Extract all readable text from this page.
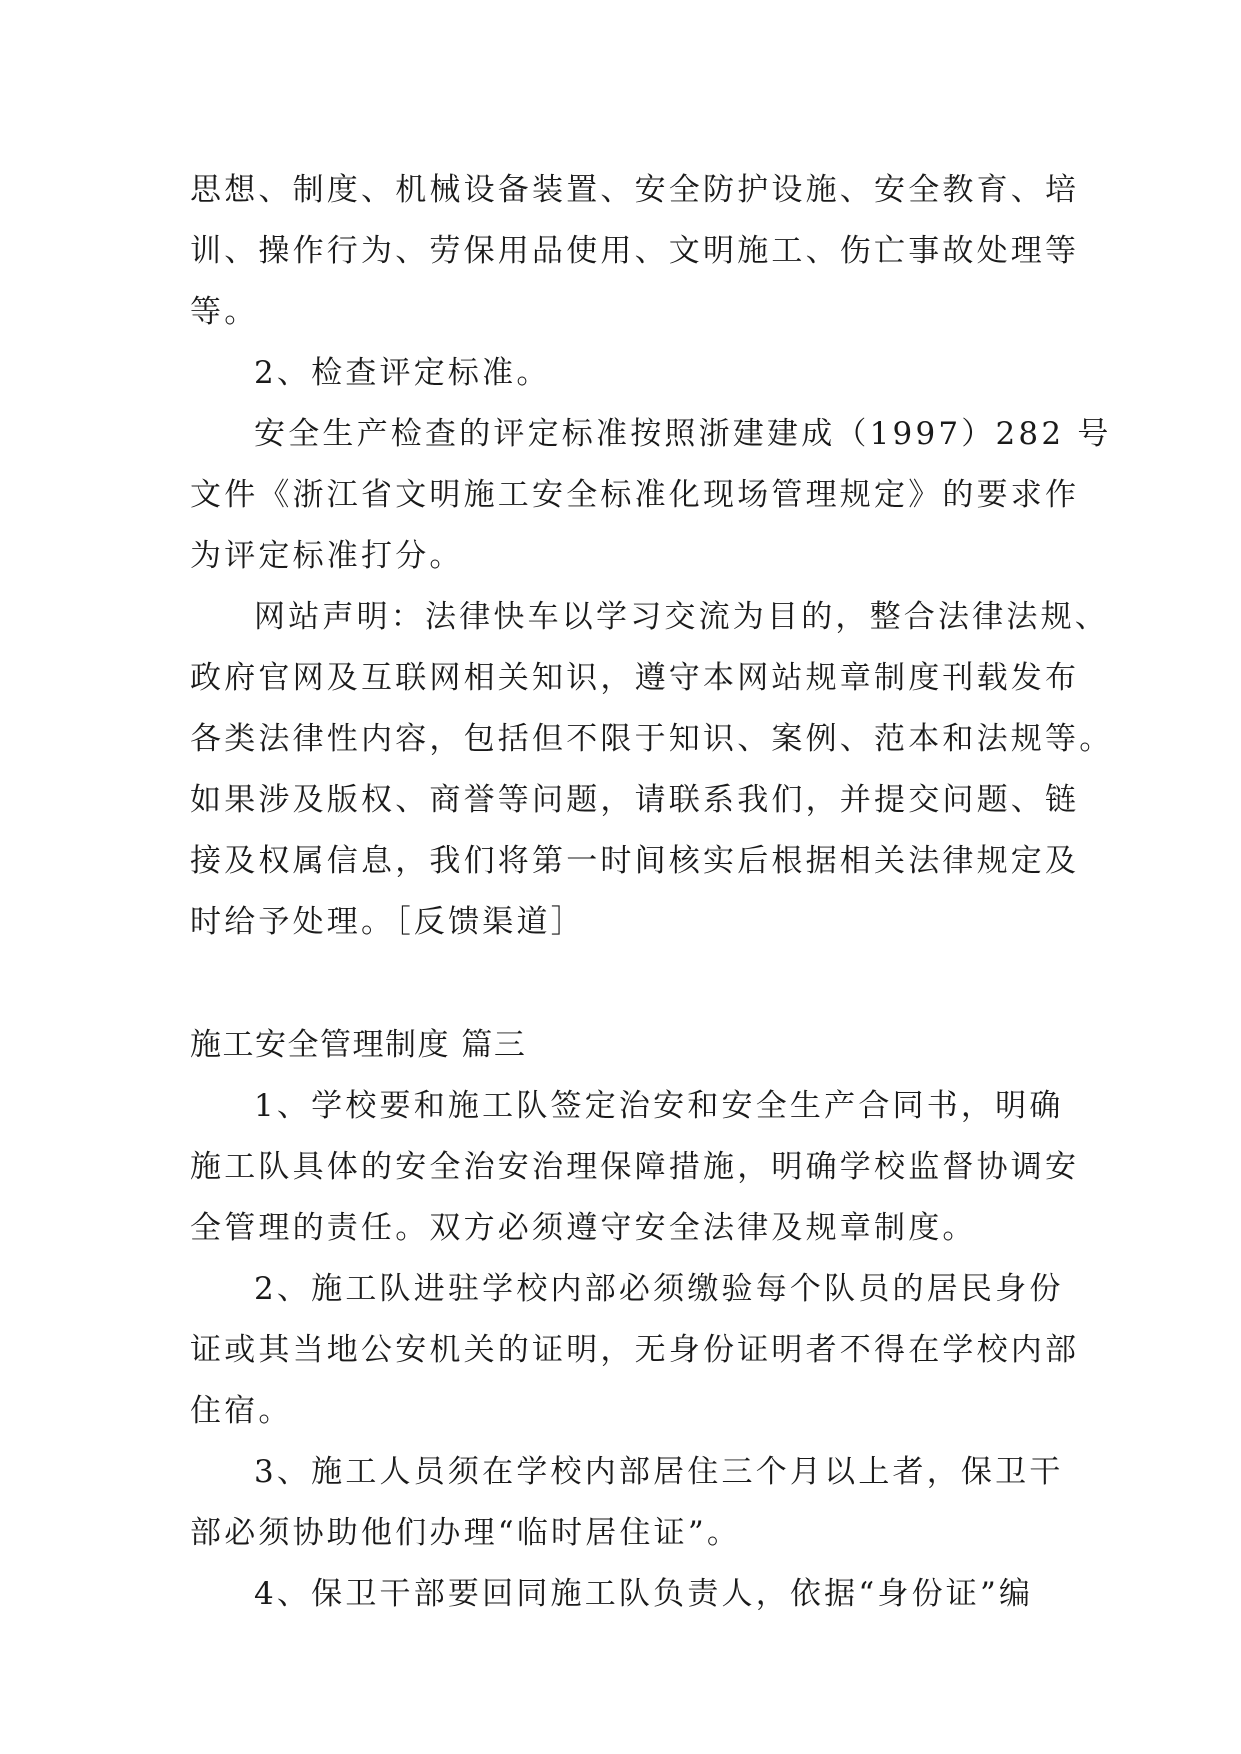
思想、制度、机械设备装置、安全防护设施、安全教育、培
训、操作行为、劳保用品使用、文明施工、伤亡事故处理等
等。
2、检查评定标准。
安全生产检查的评定标准按照浙建建成（1997）282 号
文件《浙江省文明施工安全标准化现场管理规定》的要求作
为评定标准打分。
网站声明：法律快车以学习交流为目的，整合法律法规、
政府官网及互联网相关知识，遵守本网站规章制度刊载发布
各类法律性内容，包括但不限于知识、案例、范本和法规等。
如果涉及版权、商誉等问题，请联系我们，并提交问题、链
接及权属信息，我们将第一时间核实后根据相关法律规定及
时给予处理。［反馈渠道］
施工安全管理制度 篇三
1、学校要和施工队签定治安和安全生产合同书，明确
施工队具体的安全治安治理保障措施，明确学校监督协调安
全管理的责任。双方必须遵守安全法律及规章制度。
2、施工队进驻学校内部必须缴验每个队员的居民身份
证或其当地公安机关的证明，无身份证明者不得在学校内部
住宿。
3、施工人员须在学校内部居住三个月以上者，保卫干
部必须协助他们办理“临时居住证”。
4、保卫干部要回同施工队负责人，依据“身份证”编
